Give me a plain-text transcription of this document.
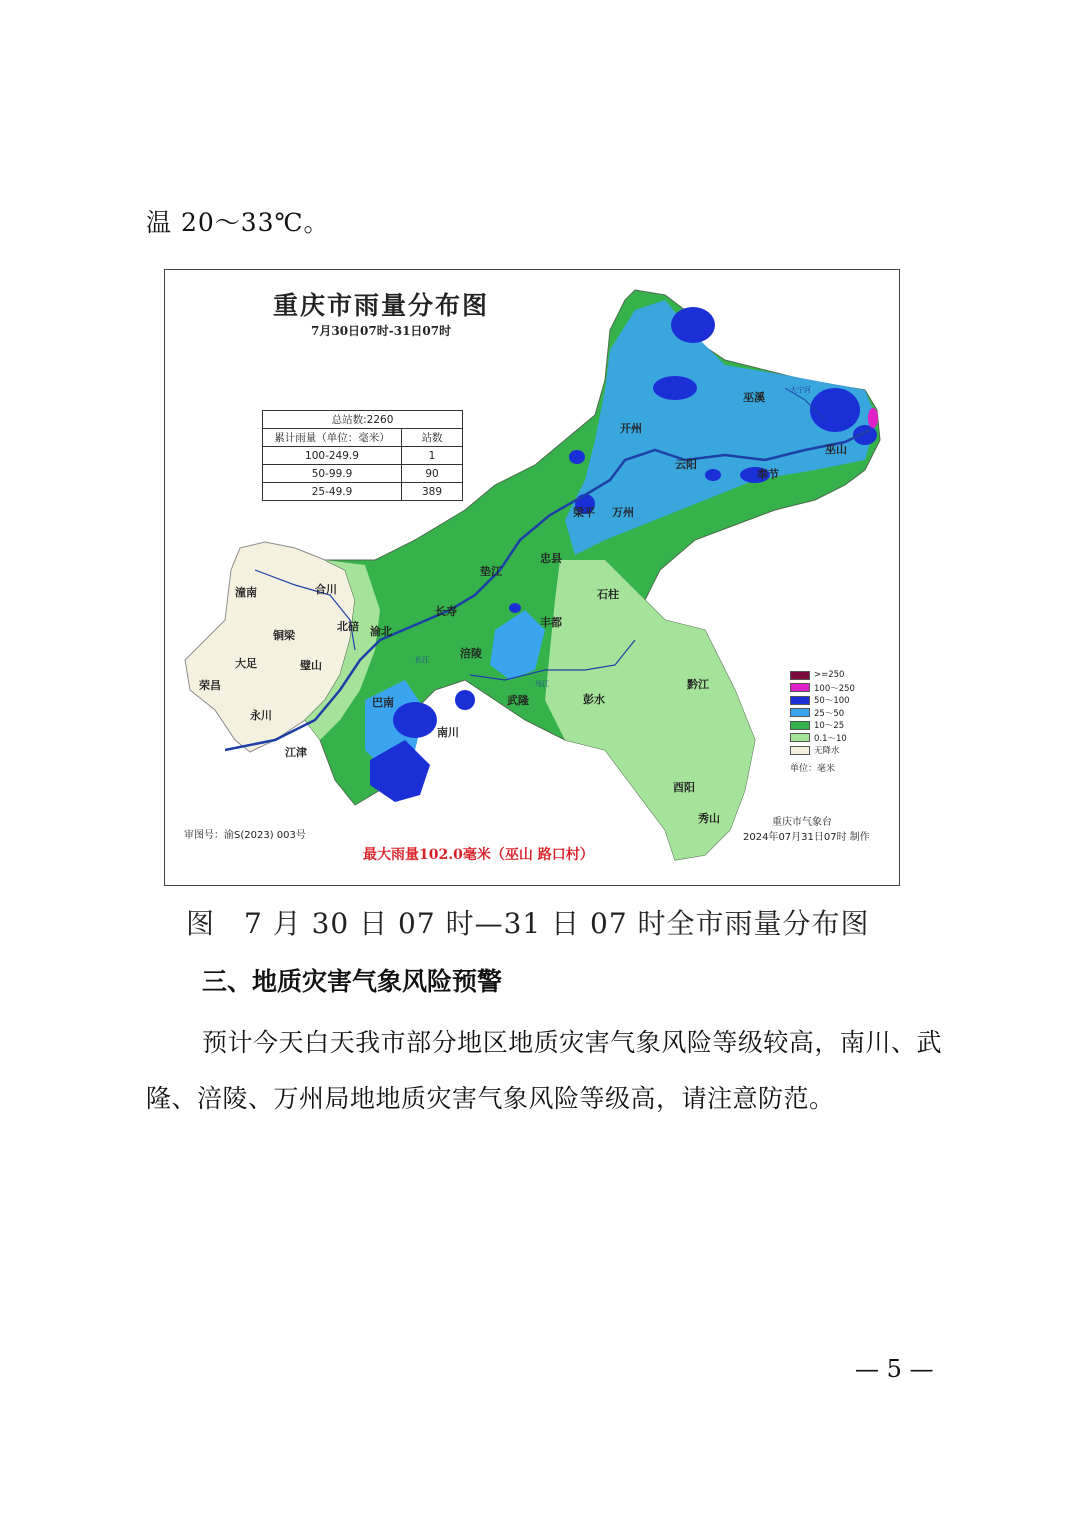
温 20～33℃。
巫溪
开州
云阳
奉节
巫山
梁平 万州
垫江
忠县
石柱
潼南	合川
北碚 渝北
长寿
丰都
铜梁
大足	璧山
涪陵
荣昌
永川
巴南	武隆	彭水
黔江
南川
江津
酉阳
秀山
大宁河
长江
乌江
重庆市雨量分布图
7月30日07时-31日07时
总站数:2260	
累计雨量（单位：毫米）	站数
100-249.9	1
50-99.9	90
25-49.9	389
>=250
100～250
50～100
25～50
10～25
0.1～10
无降水
单位：毫米
审图号：渝S(2023) 003号
重庆市气象台
2024年07月31日07时 制作
最大雨量102.0毫米（巫山 路口村）
图　7 月 30 日 07 时—31 日 07 时全市雨量分布图
三、地质灾害气象风险预警
预计今天白天我市部分地区地质灾害气象风险等级较高，南川、武隆、涪陵、万州局地地质灾害气象风险等级高，请注意防范。
— 5 —
